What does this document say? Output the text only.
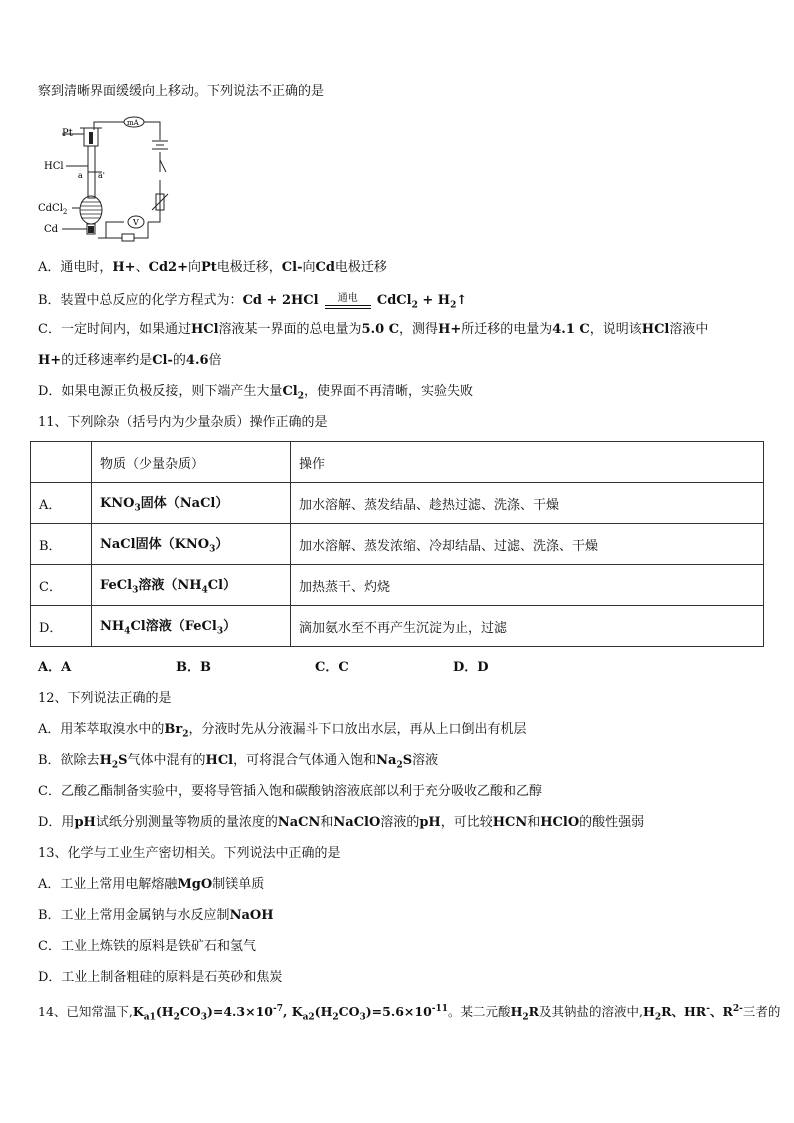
察到清晰界面缓缓向上移动。下列说法不正确的是
Pt
HCl
a a'
CdCl$_2$
Cd
mA
V
A．通电时，H+、Cd2+向Pt电极迁移，Cl-向Cd电极迁移
B．装置中总反应的化学方程式为：Cd + 2HCl 通电 CdCl$_2$ + $H_2↑$
C．一定时间内，如果通过HCl溶液某一界面的总电量为5.0 C，测得H+所迁移的电量为4.1 C，说明该HCl溶液中
H+的迁移速率约是Cl-的4.6倍
D．如果电源正负极反接，则下端产生大量$Cl_2$，使界面不再清晰，实验失败
11、下列除杂（括号内为少量杂质）操作正确的是
	物质（少量杂质）	操作
A．	$KNO_3$固体（NaCl）	加水溶解、蒸发结晶、趁热过滤、洗涤、干燥
B．	NaCl固体$(KNO_3)$	加水溶解、蒸发浓缩、冷却结晶、过滤、洗涤、干燥
C．	FeCl$_3$溶液$(NH_4Cl)$	加热蒸干、灼烧
D．	$NH_4Cl$溶液（FeCl$_3$）	滴加氨水至不再产生沉淀为止，过滤
A．A	B．B	C．C	D．D
12、下列说法正确的是
A．用苯萃取溴水中的$Br_2$，分液时先从分液漏斗下口放出水层，再从上口倒出有机层
B．欲除去$H_2S$气体中混有的HCl，可将混合气体通入饱和$Na_2S$溶液
C．乙酸乙酯制备实验中，要将导管插入饱和碳酸钠溶液底部以利于充分吸收乙酸和乙醇
D．用pH试纸分别测量等物质的量浓度的NaCN和NaClO溶液的pH，可比较HCN和HClO的酸性强弱
13、化学与工业生产密切相关。下列说法中正确的是
A．工业上常用电解熔融MgO制镁单质
B．工业上常用金属钠与水反应制NaOH
C．工业上炼铁的原料是铁矿石和氢气
D．工业上制备粗硅的原料是石英砂和焦炭
14、已知常温下$,K_{a1}(H_2CO_3)=4.3\times 10^{-7}$, $K_{a2}(H_2CO_3)=5.6\times 10^{-11}$。某二元酸$H_2R$及其钠盐的溶液中$,H_2R$、HR-、$R^{2-}$三者的
